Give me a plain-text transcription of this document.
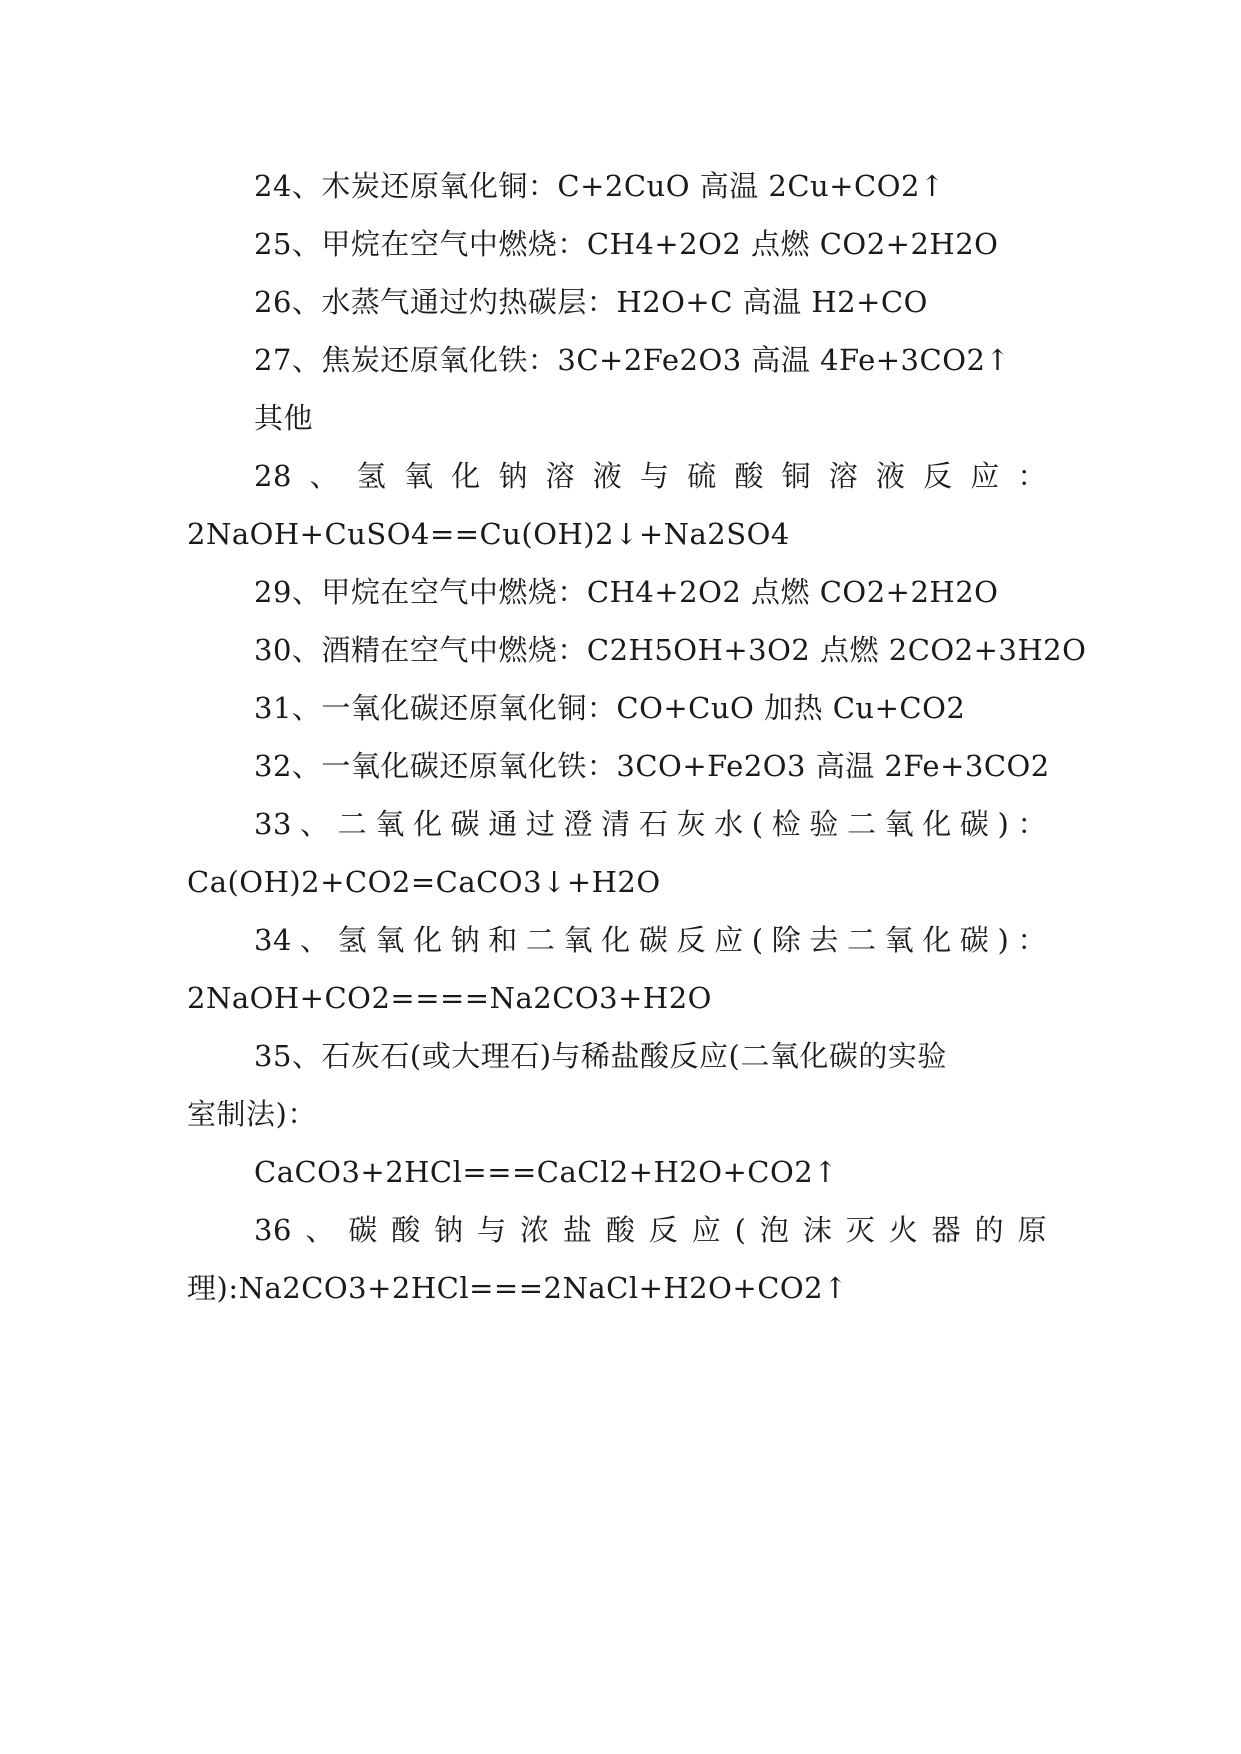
24、木炭还原氧化铜：C+2CuO 高温 2Cu+CO2↑
25、甲烷在空气中燃烧：CH4+2O2 点燃 CO2+2H2O
26、水蒸气通过灼热碳层：H2O+C 高温 H2+CO
27、焦炭还原氧化铁：3C+2Fe2O3 高温 4Fe+3CO2↑
其他
28、氢氧化钠溶液与硫酸铜溶液反应：
2NaOH+CuSO4==Cu(OH)2↓+Na2SO4
29、甲烷在空气中燃烧：CH4+2O2 点燃 CO2+2H2O
30、酒精在空气中燃烧：C2H5OH+3O2 点燃 2CO2+3H2O
31、一氧化碳还原氧化铜：CO+CuO 加热 Cu+CO2
32、一氧化碳还原氧化铁：3CO+Fe2O3 高温 2Fe+3CO2
33、二氧化碳通过澄清石灰水(检验二氧化碳)：
Ca(OH)2+CO2=CaCO3↓+H2O
34、氢氧化钠和二氧化碳反应(除去二氧化碳)：
2NaOH+CO2====Na2CO3+H2O
35、石灰石(或大理石)与稀盐酸反应(二氧化碳的实验
室制法)：
CaCO3+2HCl===CaCl2+H2O+CO2↑
36、碳酸钠与浓盐酸反应(泡沫灭火器的原
理):Na2CO3+2HCl===2NaCl+H2O+CO2↑
